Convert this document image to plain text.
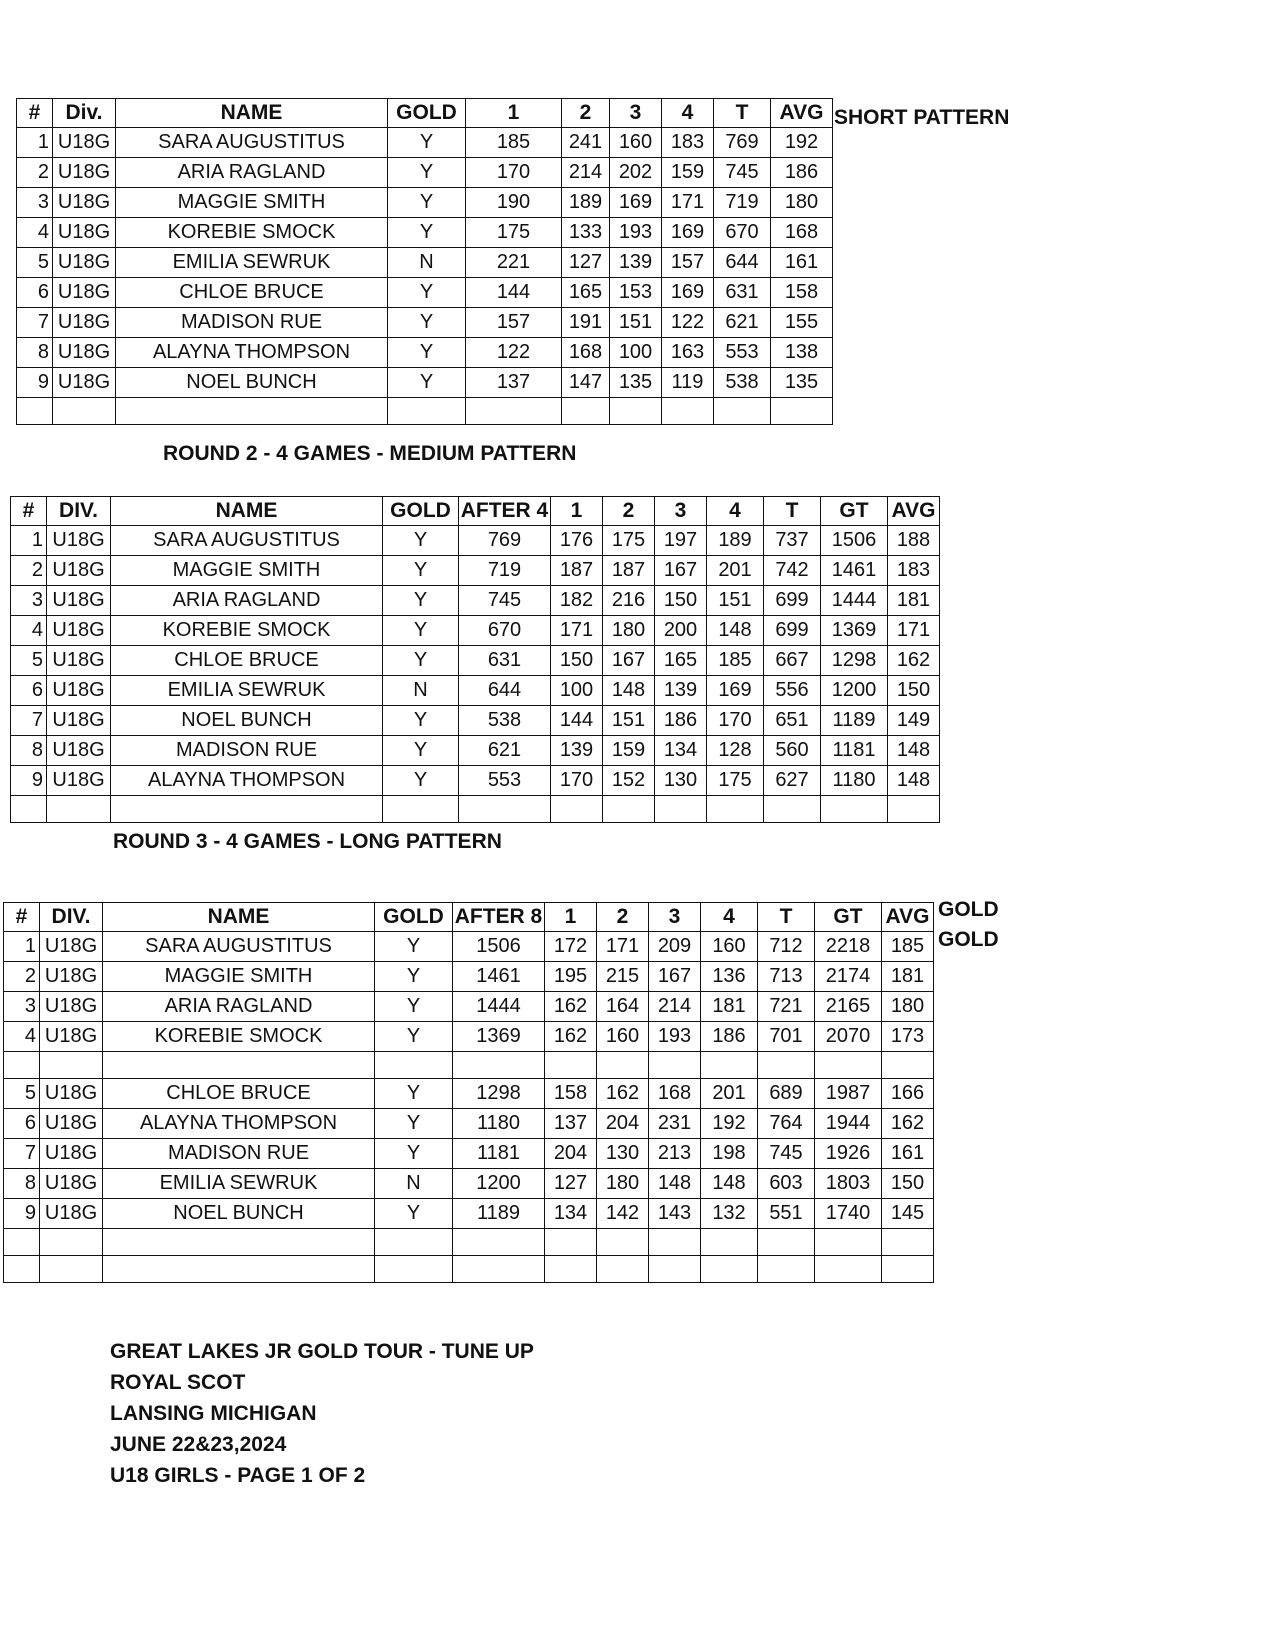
SHORT PATTERN
#	Div.	NAME	GOLD	1	2	3	4	T	AVG
1	U18G	SARA AUGUSTITUS	Y	185	241	160	183	769	192
2	U18G	ARIA RAGLAND	Y	170	214	202	159	745	186
3	U18G	MAGGIE SMITH	Y	190	189	169	171	719	180
4	U18G	KOREBIE SMOCK	Y	175	133	193	169	670	168
5	U18G	EMILIA SEWRUK	N	221	127	139	157	644	161
6	U18G	CHLOE BRUCE	Y	144	165	153	169	631	158
7	U18G	MADISON RUE	Y	157	191	151	122	621	155
8	U18G	ALAYNA THOMPSON	Y	122	168	100	163	553	138
9	U18G	NOEL BUNCH	Y	137	147	135	119	538	135

ROUND 2 - 4 GAMES - MEDIUM PATTERN
#	DIV.	NAME	GOLD	AFTER 4	1	2	3	4	T	GT	AVG
1	U18G	SARA AUGUSTITUS	Y	769	176	175	197	189	737	1506	188
2	U18G	MAGGIE SMITH	Y	719	187	187	167	201	742	1461	183
3	U18G	ARIA RAGLAND	Y	745	182	216	150	151	699	1444	181
4	U18G	KOREBIE SMOCK	Y	670	171	180	200	148	699	1369	171
5	U18G	CHLOE BRUCE	Y	631	150	167	165	185	667	1298	162
6	U18G	EMILIA SEWRUK	N	644	100	148	139	169	556	1200	150
7	U18G	NOEL BUNCH	Y	538	144	151	186	170	651	1189	149
8	U18G	MADISON RUE	Y	621	139	159	134	128	560	1181	148
9	U18G	ALAYNA THOMPSON	Y	553	170	152	130	175	627	1180	148

ROUND 3 - 4 GAMES - LONG PATTERN
#	DIV.	NAME	GOLD	AFTER 8	1	2	3	4	T	GT	AVG
1	U18G	SARA AUGUSTITUS	Y	1506	172	171	209	160	712	2218	185
2	U18G	MAGGIE SMITH	Y	1461	195	215	167	136	713	2174	181
3	U18G	ARIA RAGLAND	Y	1444	162	164	214	181	721	2165	180
4	U18G	KOREBIE SMOCK	Y	1369	162	160	193	186	701	2070	173

5	U18G	CHLOE BRUCE	Y	1298	158	162	168	201	689	1987	166
6	U18G	ALAYNA THOMPSON	Y	1180	137	204	231	192	764	1944	162
7	U18G	MADISON RUE	Y	1181	204	130	213	198	745	1926	161
8	U18G	EMILIA SEWRUK	N	1200	127	180	148	148	603	1803	150
9	U18G	NOEL BUNCH	Y	1189	134	142	143	132	551	1740	145

GOLD
GOLD
GREAT LAKES JR GOLD TOUR - TUNE UP
ROYAL SCOT
LANSING MICHIGAN
JUNE 22&23,2024
U18 GIRLS - PAGE 1 OF 2
